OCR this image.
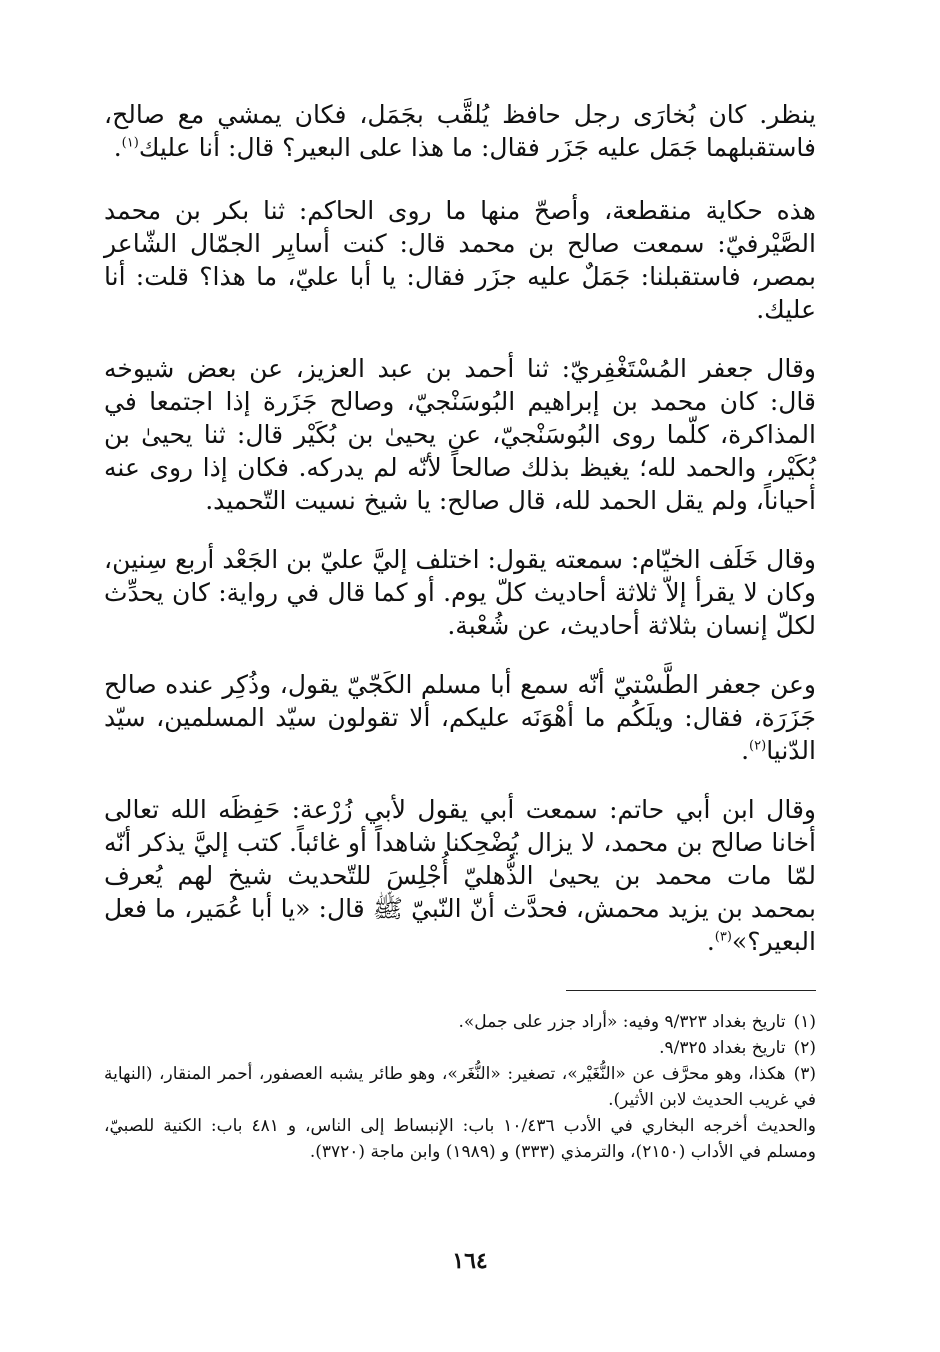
ينظر. كان بُخارَى رجل حافظ يُلقَّب بجَمَل، فكان يمشي مع صالح، فاستقبلهما جَمَل عليه جَزَر فقال: ما هذا على البعير؟ قال: أنا عليك$^{(١)}$.

هذه حكاية منقطعة، وأصحّ منها ما روى الحاكم: ثنا بكر بن محمد الصَّيْرفيّ: سمعت صالح بن محمد قال: كنت أسايِر الجمّال الشّاعر بمصر، فاستقبلنا: جَمَلٌ عليه جزَر فقال: يا أبا عليّ، ما هذا؟ قلت: أنا عليك.

وقال جعفر المُسْتَغْفِريّ: ثنا أحمد بن عبد العزيز، عن بعض شيوخه قال: كان محمد بن إبراهيم البُوسَنْجيّ، وصالح جَزَرة إذا اجتمعا في المذاكرة، كلّما روى البُوسَنْجيّ، عن يحيىٰ بن بُكَيْر قال: ثنا يحيىٰ بن بُكَيْر، والحمد لله؛ يغيظ بذلك صالحاً لأنّه لم يدركه. فكان إذا روى عنه أحياناً، ولم يقل الحمد لله، قال صالح: يا شيخ نسيت التّحميد.

وقال خَلَف الخيّام: سمعته يقول: اختلف إليَّ عليّ بن الجَعْد أربع سِنين، وكان لا يقرأ إلاّ ثلاثة أحاديث كلّ يوم. أو كما قال في رواية: كان يحدِّث لكلّ إنسان بثلاثة أحاديث، عن شُعْبة.

وعن جعفر الطَّسْتيّ أنّه سمع أبا مسلم الكَجّيّ يقول، وذُكِر عنده صالح جَزَرَة، فقال: ويلَكُم ما أهْوَنَه عليكم، ألا تقولون سيّد المسلمين، سيّد الدّنيا$^{(٢)}$.

وقال ابن أبي حاتم: سمعت أبي يقول لأبي زُرْعة: حَفِظَه الله تعالى أخانا صالح بن محمد، لا يزال يُضْحِكنا شاهداً أو غائباً. كتب إليَّ يذكر أنّه لمّا مات محمد بن يحيىٰ الذُّهليّ أُجْلِسَ للتّحديث شيخ لهم يُعرف بمحمد بن يزيد محمش، فحدَّث أنّ النّبيّ ﷺ قال: «يا أبا عُمَير، ما فعل البعير؟»$^{(٣)}$.

(١)تاريخ بغداد ٩/٣٢٣ وفيه: «أراد جزر على جمل».

(٢)تاريخ بغداد ٩/٣٢٥.

(٣)هكذا، وهو محرَّف عن «النُّغَيْر»، تصغير: «النُّغَر»، وهو طائر يشبه العصفور، أحمر المنقار، (النهاية في غريب الحديث لابن الأثير).

والحديث أخرجه البخاري في الأدب ١٠/٤٣٦ باب: الإنبساط إلى الناس، و ٤٨١ باب: الكنية للصبيّ، ومسلم في الأداب (٢١٥٠)، والترمذي (٣٣٣) و (١٩٨٩) وابن ماجة (٣٧٢٠).

١٦٤
